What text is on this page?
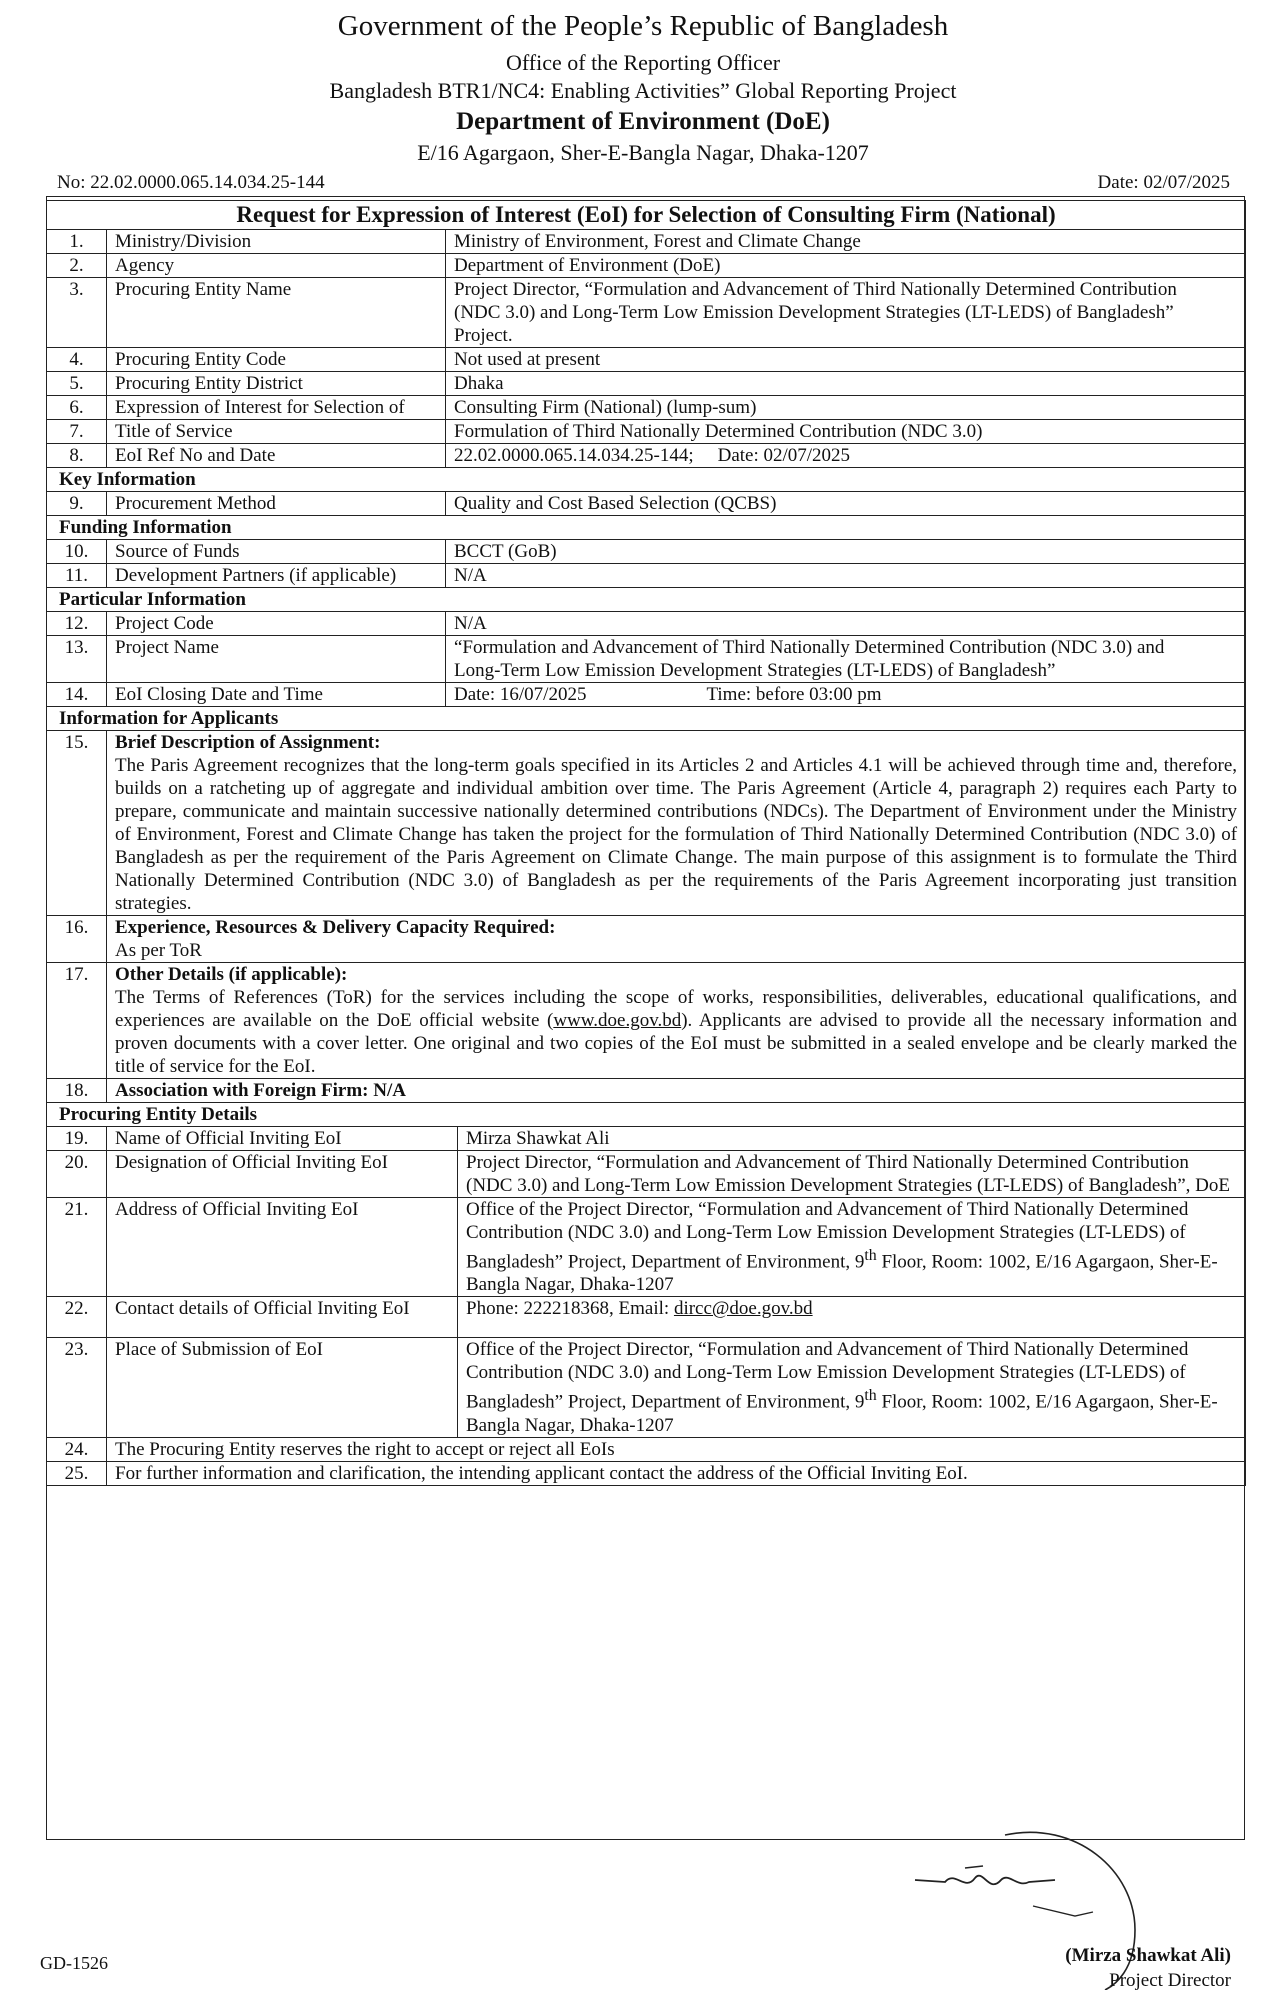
Government of the People’s Republic of Bangladesh
Office of the Reporting Officer
Bangladesh BTR1/NC4: Enabling Activities” Global Reporting Project
Department of Environment (DoE)
E/16 Agargaon, Sher-E-Bangla Nagar, Dhaka-1207
No: 22.02.0000.065.14.034.25-144	Date: 02/07/2025
Request for Expression of Interest (EoI) for Selection of Consulting Firm (National)			
1.	Ministry/Division	Ministry of Environment, Forest and Climate Change	
2.	Agency	Department of Environment (DoE)	
3.	Procuring Entity Name	Project Director, “Formulation and Advancement of Third Nationally Determined Contribution (NDC 3.0) and Long-Term Low Emission Development Strategies (LT-LEDS) of Bangladesh” Project.	
4.	Procuring Entity Code	Not used at present	
5.	Procuring Entity District	Dhaka	
6.	Expression of Interest for Selection of	Consulting Firm (National) (lump-sum)	
7.	Title of Service	Formulation of Third Nationally Determined Contribution (NDC 3.0)	
8.	EoI Ref No and Date	22.02.0000.065.14.034.25-144; Date: 02/07/2025	
Key Information			
9.	Procurement Method	Quality and Cost Based Selection (QCBS)	
Funding Information			
10.	Source of Funds	BCCT (GoB)	
11.	Development Partners (if applicable)	N/A	
Particular Information			
12.	Project Code	N/A	
13.	Project Name	“Formulation and Advancement of Third Nationally Determined Contribution (NDC 3.0) and Long-Term Low Emission Development Strategies (LT-LEDS) of Bangladesh”	
14.	EoI Closing Date and Time	Date: 16/07/2025 Time: before 03:00 pm	
Information for Applicants			
15.	Brief Description of Assignment:
The Paris Agreement recognizes that the long-term goals specified in its Articles 2 and Articles 4.1 will be achieved through time and, therefore, builds on a ratcheting up of aggregate and individual ambition over time. The Paris Agreement (Article 4, paragraph 2) requires each Party to prepare, communicate and maintain successive nationally determined contributions (NDCs). The Department of Environment under the Ministry of Environment, Forest and Climate Change has taken the project for the formulation of Third Nationally Determined Contribution (NDC 3.0) of Bangladesh as per the requirement of the Paris Agreement on Climate Change. The main purpose of this assignment is to formulate the Third Nationally Determined Contribution (NDC 3.0) of Bangladesh as per the requirements of the Paris Agreement incorporating just transition strategies.		

16.	Experience, Resources & Delivery Capacity Required:
As per ToR		

17.	Other Details (if applicable):
The Terms of References (ToR) for the services including the scope of works, responsibilities, deliverables, educational qualifications, and experiences are available on the DoE official website (www.doe.gov.bd). Applicants are advised to provide all the necessary information and proven documents with a cover letter. One original and two copies of the EoI must be submitted in a sealed envelope and be clearly marked the title of service for the EoI.		

18.	Association with Foreign Firm: N/A		
Procuring Entity Details			
19.	Name of Official Inviting EoI		Mirza Shawkat Ali
20.	Designation of Official Inviting EoI		Project Director, “Formulation and Advancement of Third Nationally Determined Contribution (NDC 3.0) and Long-Term Low Emission Development Strategies (LT-LEDS) of Bangladesh”, DoE
21.	Address of Official Inviting EoI		Office of the Project Director, “Formulation and Advancement of Third Nationally Determined Contribution (NDC 3.0) and Long-Term Low Emission Development Strategies (LT-LEDS) of Bangladesh” Project, Department of Environment, 9th Floor, Room: 1002, E/16 Agargaon, Sher-E-Bangla Nagar, Dhaka-1207
22.	Contact details of Official Inviting EoI		Phone: 222218368, Email: dircc@doe.gov.bd
23.	Place of Submission of EoI		Office of the Project Director, “Formulation and Advancement of Third Nationally Determined Contribution (NDC 3.0) and Long-Term Low Emission Development Strategies (LT-LEDS) of Bangladesh” Project, Department of Environment, 9th Floor, Room: 1002, E/16 Agargaon, Sher-E-Bangla Nagar, Dhaka-1207
24.	The Procuring Entity reserves the right to accept or reject all EoIs		
25.	For further information and clarification, the intending applicant contact the address of the Official Inviting EoI.		
(Mirza Shawkat Ali)
Project Director
GD-1526
